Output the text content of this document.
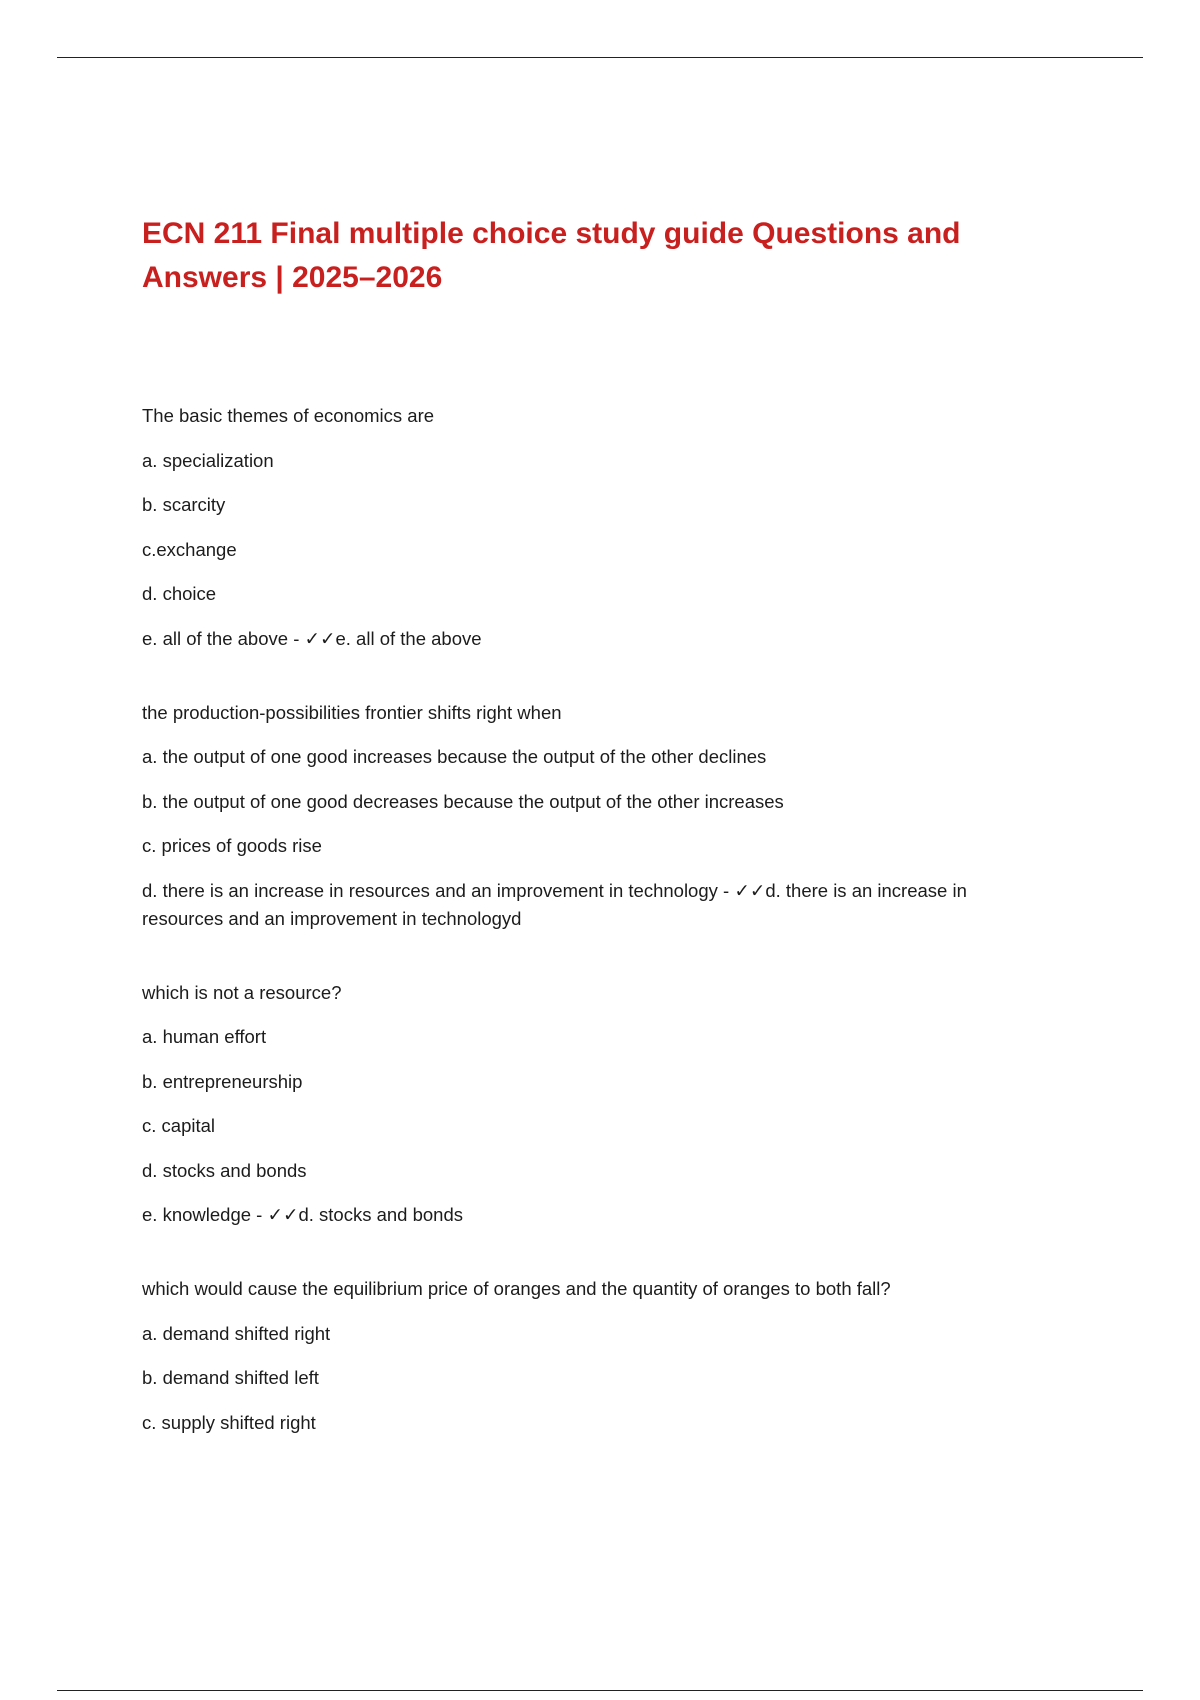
ECN 211 Final multiple choice study guide Questions and
Answers | 2025–2026

The basic themes of economics are

a. specialization

b. scarcity

c.exchange

d. choice

e. all of the above - ✓✓e. all of the above

the production-possibilities frontier shifts right when

a. the output of one good increases because the output of the other declines

b. the output of one good decreases because the output of the other increases

c. prices of goods rise

d. there is an increase in resources and an improvement in technology - ✓✓d. there is an increase in resources and an improvement in technologyd

which is not a resource?

a. human effort

b. entrepreneurship

c. capital

d. stocks and bonds

e. knowledge - ✓✓d. stocks and bonds

which would cause the equilibrium price of oranges and the quantity of oranges to both fall?

a. demand shifted right

b. demand shifted left

c. supply shifted right
